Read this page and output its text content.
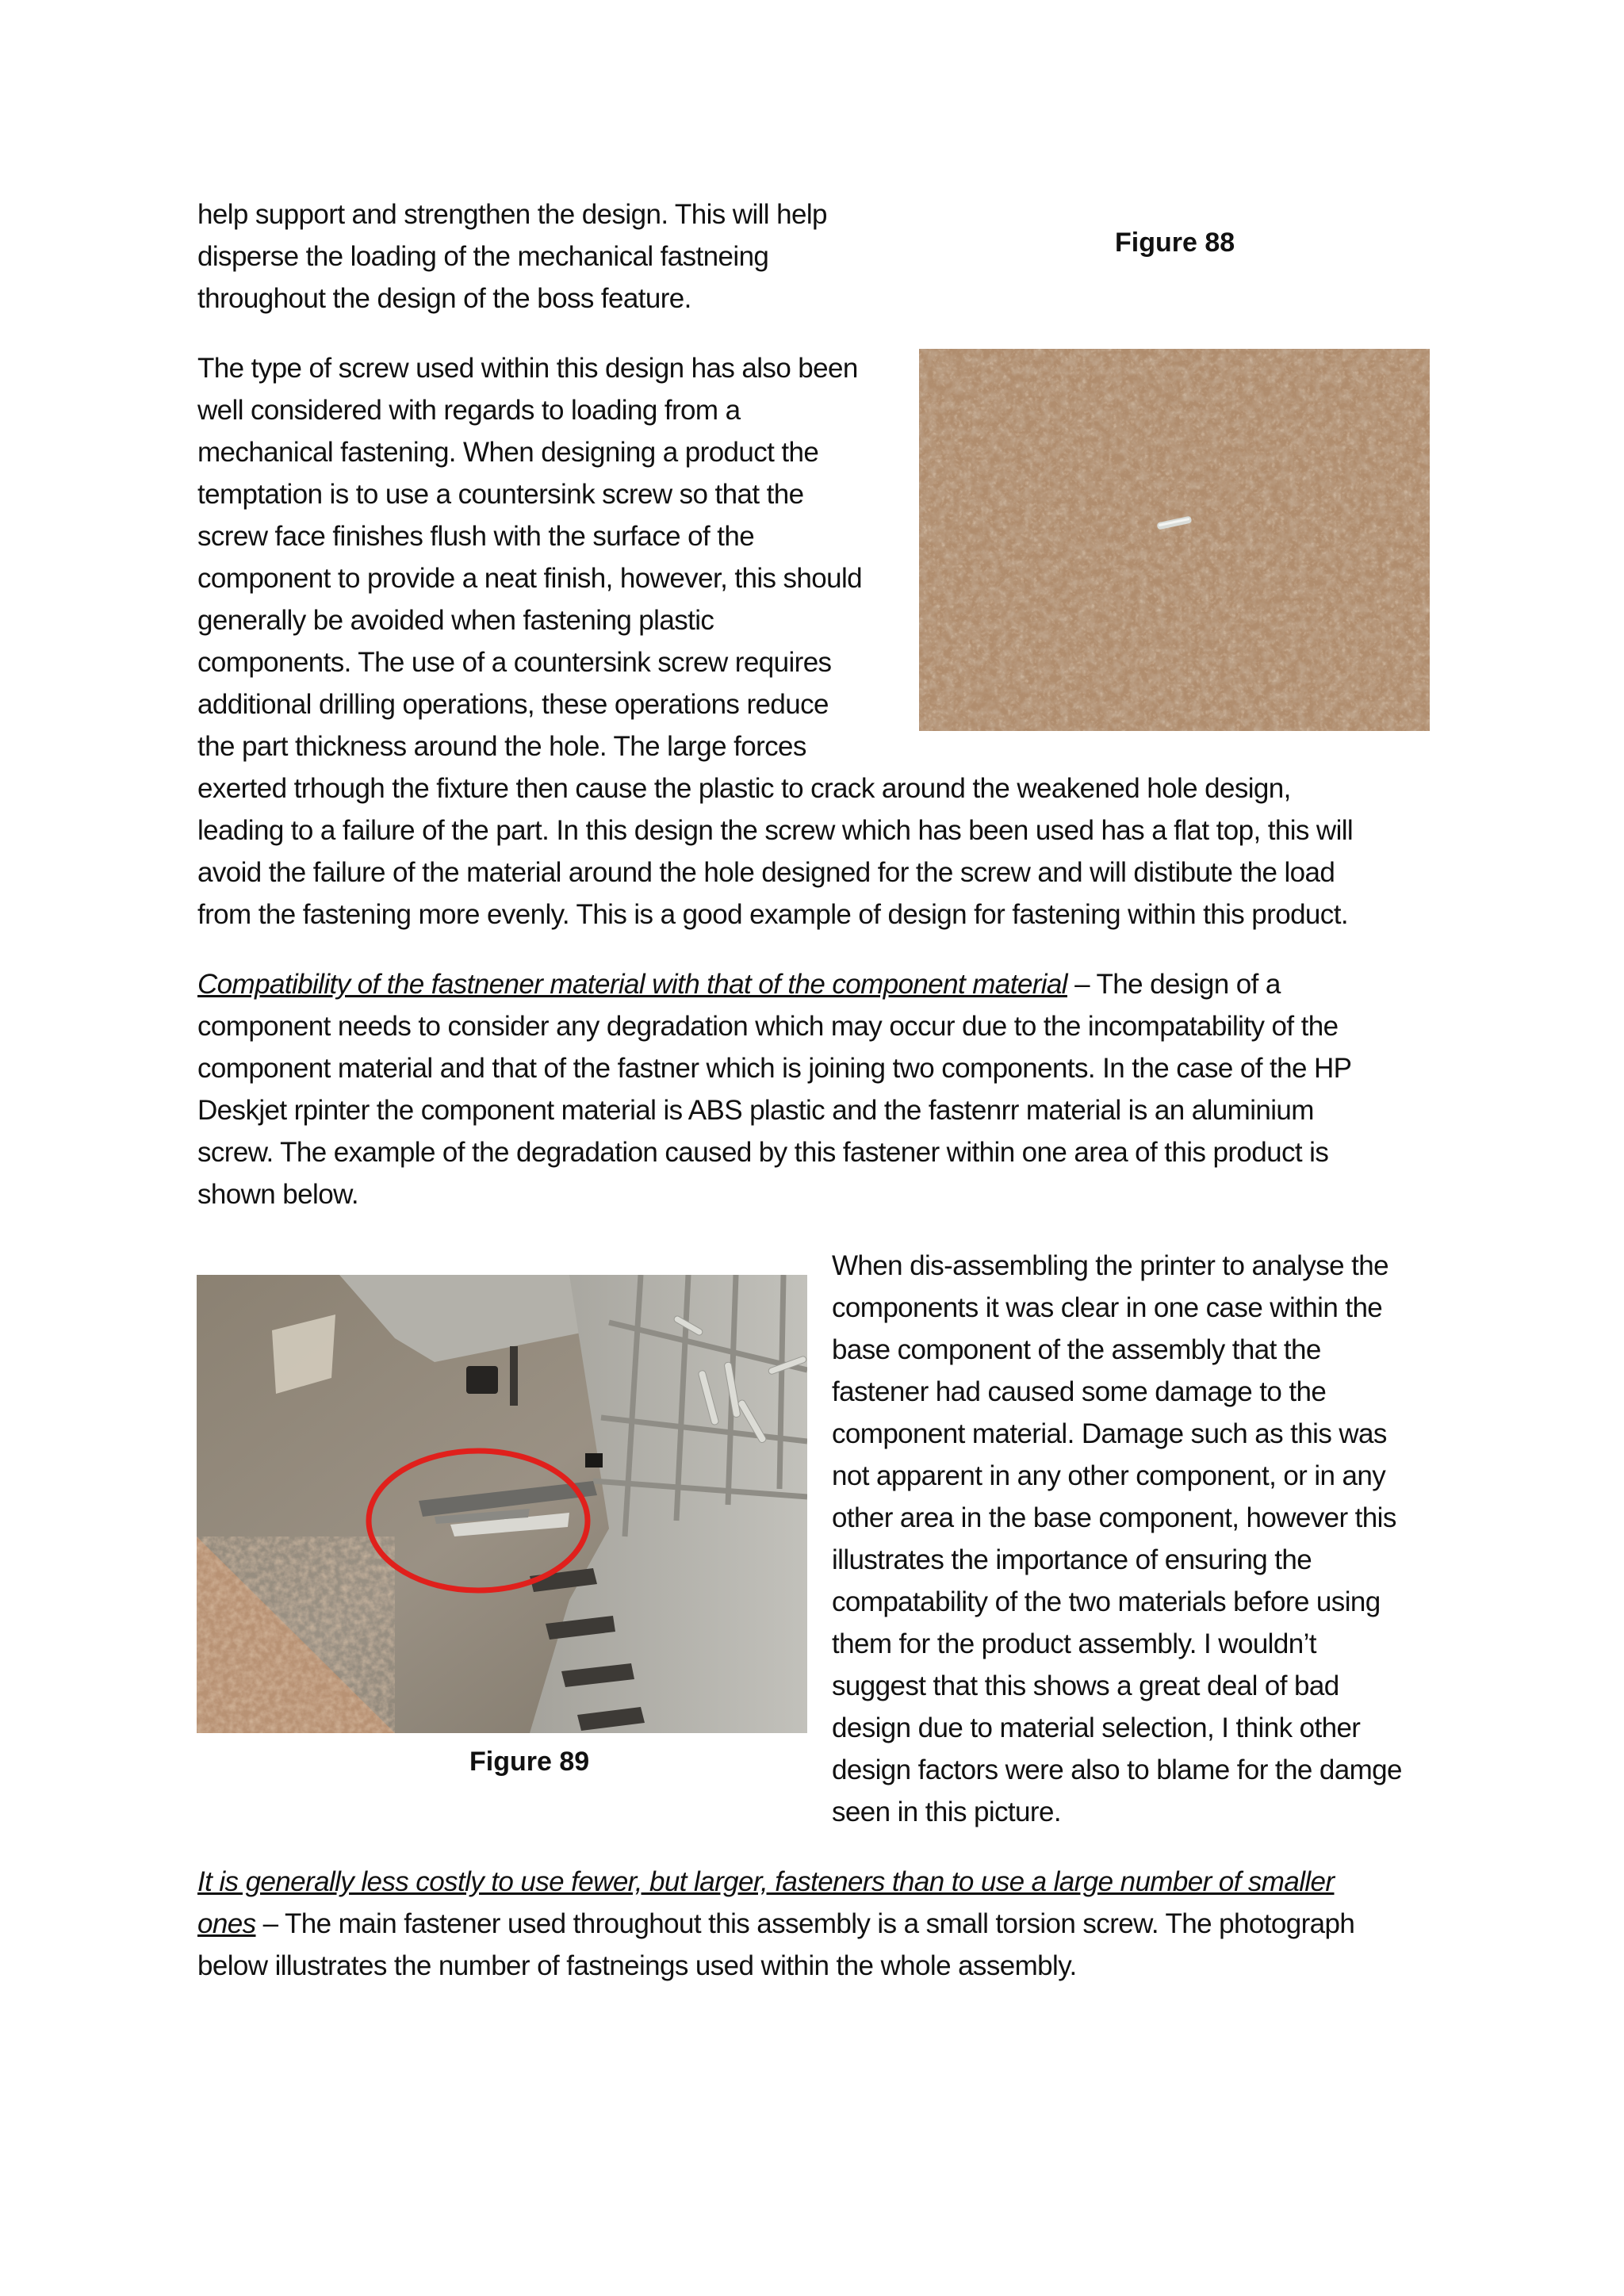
help support and strengthen the design. This will help
disperse the loading of the mechanical fastneing
throughout the design of the boss feature.
Figure 88
The type of screw used within this design has also been
well considered with regards to loading from a
mechanical fastening. When designing a product the
temptation is to use a countersink screw so that the
screw face finishes flush with the surface of the
component to provide a neat finish, however, this should
generally be avoided when fastening plastic
components. The use of a countersink screw requires
additional drilling operations, these operations reduce
the part thickness around the hole. The large forces
exerted trhough the fixture then cause the plastic to crack around the weakened hole design,
leading to a failure of the part. In this design the screw which has been used has a flat top, this will
avoid the failure of the material around the hole designed for the screw and will distibute the load
from the fastening more evenly. This is a good example of design for fastening within this product.
Compatibility of the fastnener material with that of the component material – The design of a
component needs to consider any degradation which may occur due to the incompatability of the
component material and that of the fastner which is joining two components. In the case of the HP
Deskjet rpinter the component material is ABS plastic and the fastenrr material is an aluminium
screw. The example of the degradation caused by this fastener within one area of this product is
shown below.
Figure 89
When dis-assembling the printer to analyse the
components it was clear in one case within the
base component of the assembly that the
fastener had caused some damage to the
component material. Damage such as this was
not apparent in any other component, or in any
other area in the base component, however this
illustrates the importance of ensuring the
compatability of the two materials before using
them for the product assembly. I wouldn’t
suggest that this shows a great deal of bad
design due to material selection, I think other
design factors were also to blame for the damge
seen in this picture.
It is generally less costly to use fewer, but larger, fasteners than to use a large number of smaller
ones – The main fastener used throughout this assembly is a small torsion screw. The photograph
below illustrates the number of fastneings used within the whole assembly.
